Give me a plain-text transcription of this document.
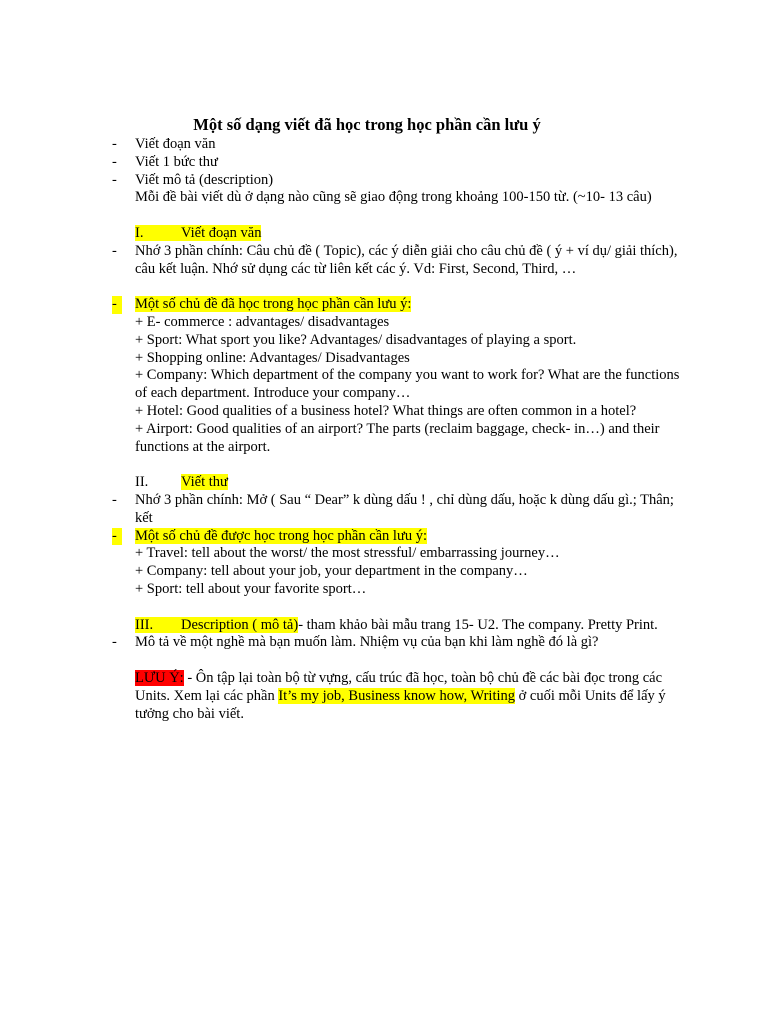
Một số dạng viết đã học trong học phần cần lưu ý
-	Viết đoạn văn
-	Viết 1 bức thư
-	Viết mô tả (description)
Mỗi đề bài viết dù ở dạng nào cũng sẽ giao động trong khoảng 100-150 từ. (~10- 13 câu)
I.	Viết đoạn văn
-	Nhớ 3 phần chính: Câu chủ đề ( Topic), các ý diễn giải cho câu chủ đề ( ý + ví dụ/ giải thích), câu kết luận. Nhớ sử dụng các từ liên kết các ý. Vd: First, Second, Third, …
-	Một số chủ đề đã học trong học phần cần lưu ý:
+ E- commerce : advantages/ disadvantages
+ Sport: What sport you like? Advantages/ disadvantages of playing a sport.
+ Shopping online: Advantages/ Disadvantages
+ Company: Which department of the company you want to work for? What are the functions of each department. Introduce your company…
+ Hotel: Good qualities of a business hotel? What things are often common in a hotel?
+ Airport: Good qualities of an airport? The parts (reclaim baggage, check- in…) and their functions at the airport.
II. Viết thư
-	Nhớ 3 phần chính: Mở ( Sau “ Dear” k dùng dấu ! , chỉ dùng dấu, hoặc k dùng dấu gì.; Thân; kết
-	Một số chủ đề được học trong học phần cần lưu ý:
+ Travel: tell about the worst/ the most stressful/ embarrassing journey…
+ Company: tell about your job, your department in the company…
+ Sport: tell about your favorite sport…
III. Description ( mô tả)- tham khảo bài mẫu trang 15- U2. The company. Pretty Print.
-	Mô tả về một nghề mà bạn muốn làm. Nhiệm vụ của bạn khi làm nghề đó là gì?
LƯU Ý: - Ôn tập lại toàn bộ từ vựng, cấu trúc đã học, toàn bộ chủ đề các bài đọc trong các Units. Xem lại các phần It’s my job, Business know how, Writing ở cuối mỗi Units để lấy ý tưởng cho bài viết.
